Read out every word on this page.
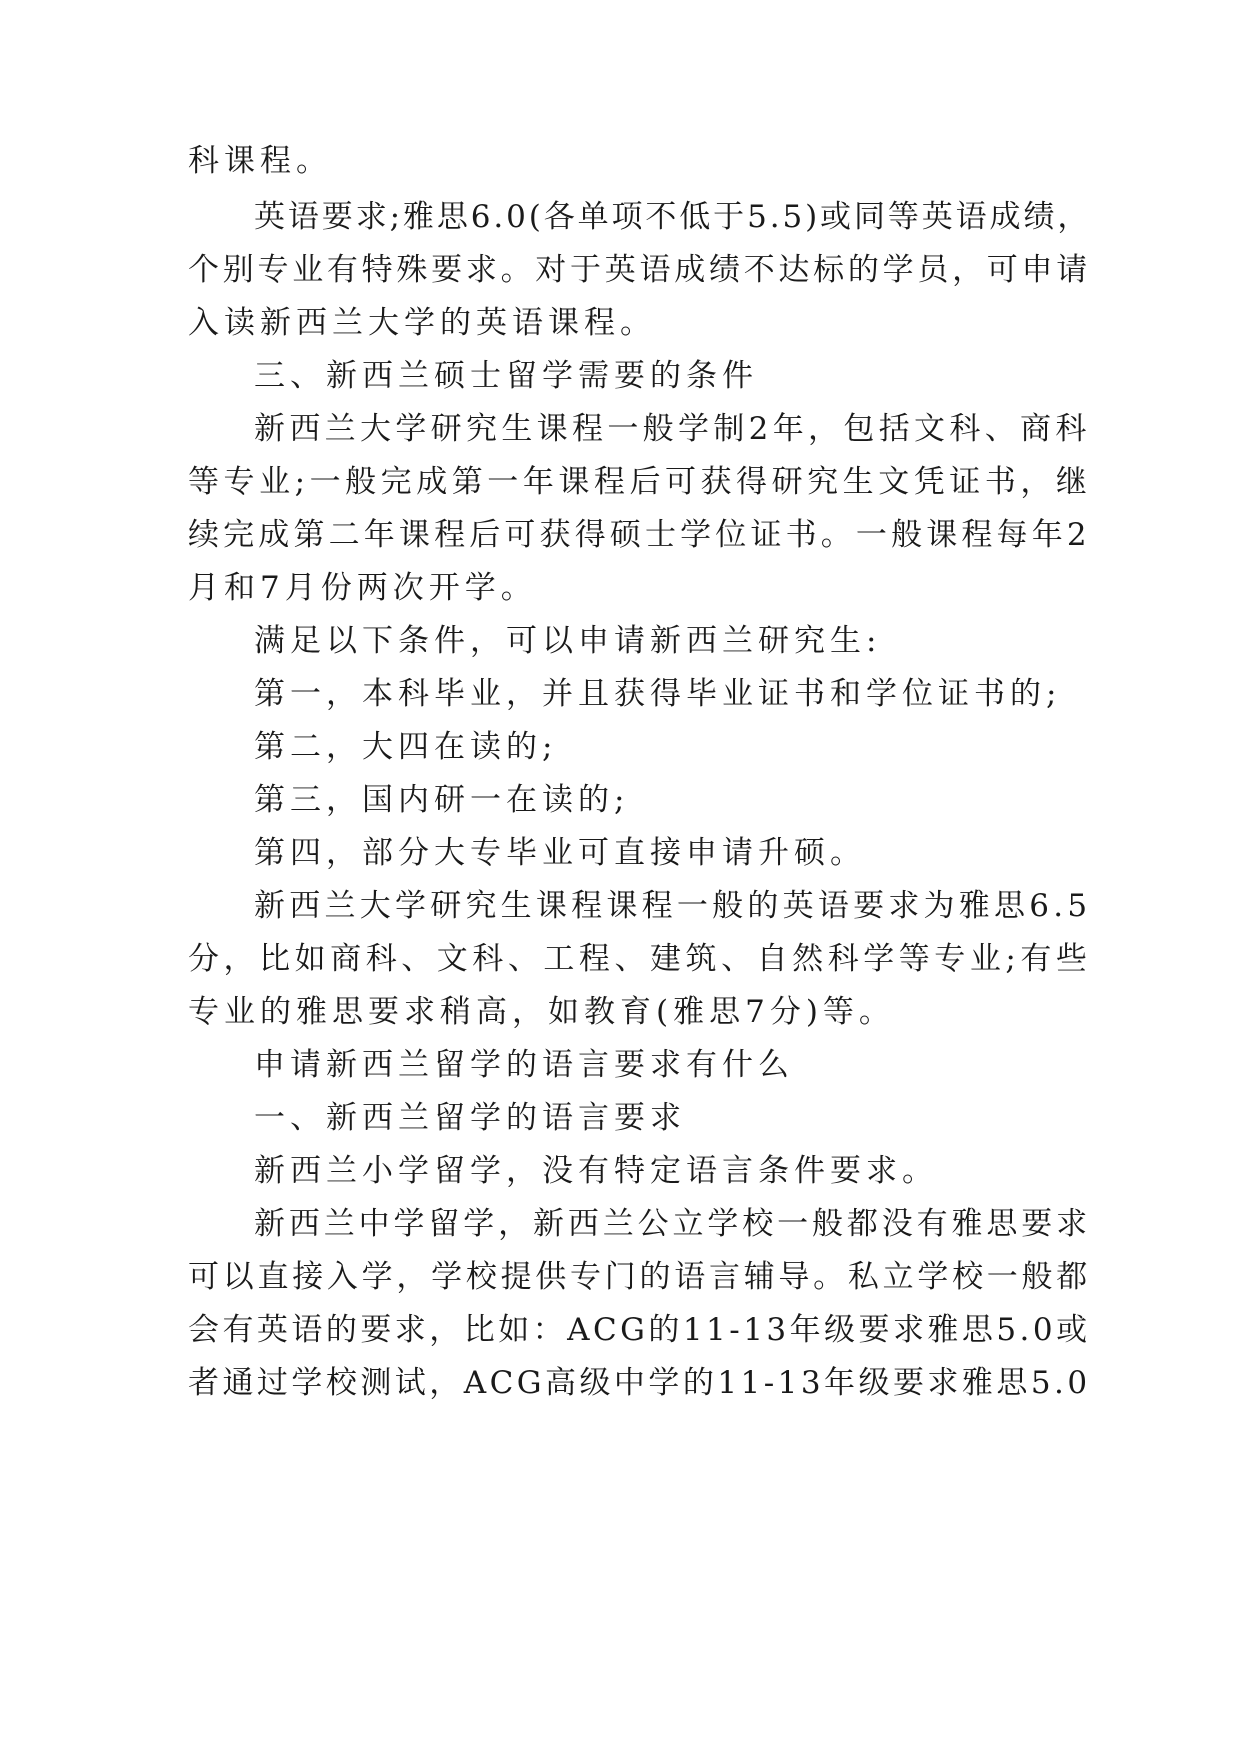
科课程。
英语要求;雅思6.0(各单项不低于5.5)或同等英语成绩，
个别专业有特殊要求。对于英语成绩不达标的学员，可申请
入读新西兰大学的英语课程。
三、新西兰硕士留学需要的条件
新西兰大学研究生课程一般学制2年，包括文科、商科
等专业;一般完成第一年课程后可获得研究生文凭证书，继
续完成第二年课程后可获得硕士学位证书。一般课程每年2
月和7月份两次开学。
满足以下条件，可以申请新西兰研究生:
第一，本科毕业，并且获得毕业证书和学位证书的;
第二，大四在读的;
第三，国内研一在读的;
第四，部分大专毕业可直接申请升硕。
新西兰大学研究生课程课程一般的英语要求为雅思6.5
分，比如商科、文科、工程、建筑、自然科学等专业;有些
专业的雅思要求稍高，如教育(雅思7分)等。
申请新西兰留学的语言要求有什么
一、新西兰留学的语言要求
新西兰小学留学，没有特定语言条件要求。
新西兰中学留学，新西兰公立学校一般都没有雅思要求
可以直接入学，学校提供专门的语言辅导。私立学校一般都
会有英语的要求，比如：ACG的11-13年级要求雅思5.0或
者通过学校测试，ACG高级中学的11-13年级要求雅思5.0
